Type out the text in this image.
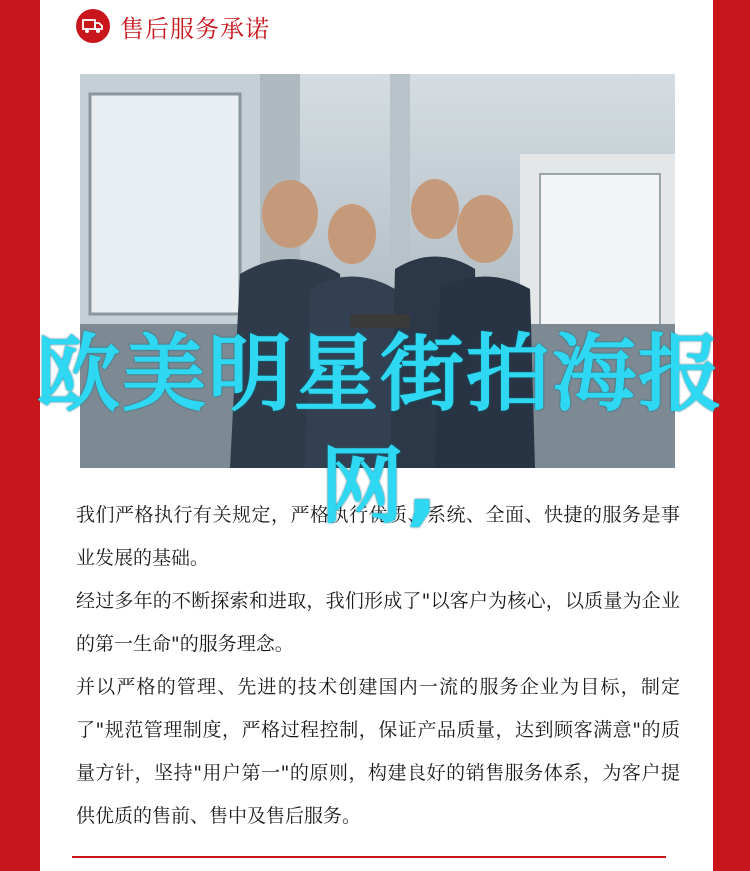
售后服务承诺

我们严格执行有关规定，严格执行优质、系统、全面、快捷的服务是事业发展的基础。

经过多年的不断探索和进取，我们形成了"以客户为核心，以质量为企业的第一生命"的服务理念。

并以严格的管理、先进的技术创建国内一流的服务企业为目标，制定了"规范管理制度，严格过程控制，保证产品质量，达到顾客满意"的质量方针，坚持"用户第一"的原则，构建良好的销售服务体系，为客户提供优质的售前、售中及售后服务。

欧美明星街拍海报网,
